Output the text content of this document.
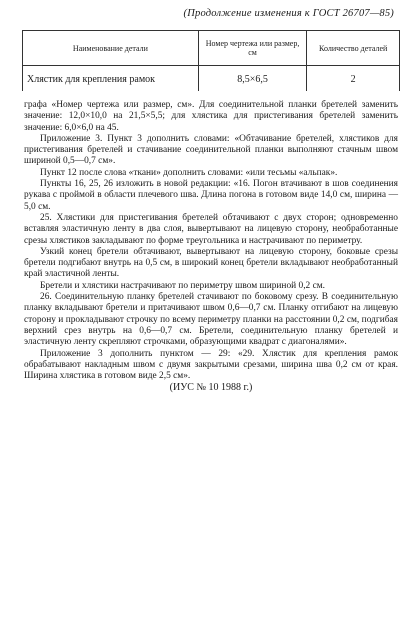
(Продолжение изменения к ГОСТ 26707—85)
Наименование детали	Номер чертежа или размер, см	Количество деталей
Хлястик для крепления рамок	8,5×6,5	2

графа «Номер чертежа или размер, см». Для соединительной планки бретелей заменить значение: 12,0×10,0 на 21,5×5,5; для хлястика для пристегивания бретелей заменить значение: 6,0×6,0 на 45.

Приложение 3. Пункт 3 дополнить словами: «Обтачивание бретелей, хлястиков для пристегивания бретелей и стачивание соединительной планки выполняют стачным швом шириной 0,5—0,7 см».

Пункт 12 после слова «ткани» дополнить словами: «или тесьмы «альпак».

Пункты 16, 25, 26 изложить в новой редакции: «16. Погон втачивают в шов соединения рукава с проймой в области плечевого шва. Длина погона в готовом виде 14,0 см, ширина — 5,0 см.

25. Хлястики для пристегивания бретелей обтачивают с двух сторон; одновременно вставляя эластичную ленту в два слоя, вывертывают на лицевую сторону, необработанные срезы хлястиков закладывают по форме треугольника и настрачивают по периметру.

Узкий конец бретели обтачивают, вывертывают на лицевую сторону, боковые срезы бретели подгибают внутрь на 0,5 см, в широкий конец бретели вкладывают необработанный край эластичной ленты.

Бретели и хлястики настрачивают по периметру швом шириной 0,2 см.

26. Соединительную планку бретелей стачивают по боковому срезу. В соединительную планку вкладывают бретели и притачивают швом 0,6—0,7 см. Планку отгибают на лицевую сторону и прокладывают строчку по всему периметру планки на расстоянии 0,2 см, подгибая верхний срез внутрь на 0,6—0,7 см. Бретели, соединительную планку бретелей и эластичную ленту скрепляют строчками, образующими квадрат с диагоналями».

Приложение 3 дополнить пунктом — 29: «29. Хлястик для крепления рамок обрабатывают накладным швом с двумя закрытыми срезами, ширина шва 0,2 см от края. Ширина хлястика в готовом виде 2,5 см».

(ИУС № 10 1988 г.)
